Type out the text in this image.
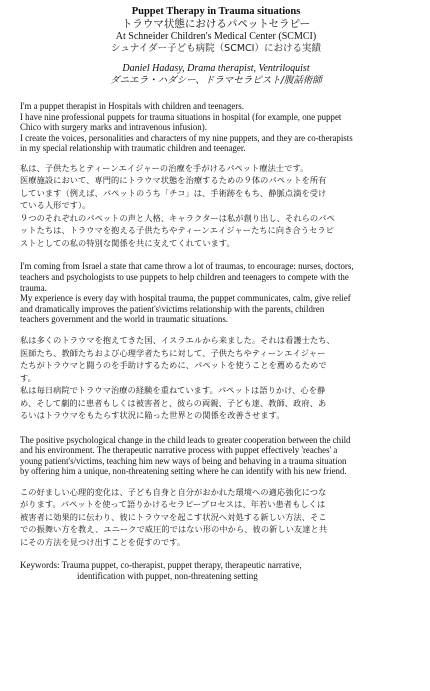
Puppet Therapy in Trauma situations
トラウマ状態におけるパペットセラピー
At Schneider Children's Medical Center (SCMCI)
シュナイダー子ども病院（SCMCI）における実績
Daniel Hadasy, Drama therapist, Ventriloquist
ダニエラ・ハダシー、ドラマセラピスト/腹話術師

I'm a puppet therapist in Hospitals with children and teenagers.

I have nine professional puppets for trauma situations in hospital (for example, one puppet

Chico with surgery marks and intravenous infusion).

I create the voices, personalities and characters of my nine puppets, and they are co-therapists

in my special relationship with traumatic children and teenager.

私は、子供たちとティーンエイジャーの治療を手がけるパペット療法士です。

医療施設において、専門的にトラウマ状態を治療するための９体のパペットを所有

しています（例えば、パペットのうち「チコ」は、手術跡をもち、静脈点滴を受け

ている人形です）。

９つのそれぞれのパペットの声と人格、キャラクターは私が創り出し、それらのパペ

ットたちは、トラウマを抱える子供たちやティーンエイジャーたちに向き合うセラピ

ストとしての私の特別な関係を共に支えてくれています。

I'm coming from Israel a state that came throw a lot of traumas, to encourage: nurses, doctors,

teachers and psychologists to use puppets to help children and teenagers to compete with the

trauma.

My experience is every day with hospital trauma, the puppet communicates, calm, give relief

and dramatically improves the patient's\victims relationship with the parents, children

teachers government and the world in traumatic situations.

私は多くのトラウマを抱えてきた国、イスラエルから来ました。それは看護士たち、

医師たち、教師たちおよび心理学者たちに対して、子供たちやティーンエイジャー

たちがトラウマと闘うのを手助けするために、パペットを使うことを薦めるためで

す。

私は毎日病院でトラウマ治療の経験を重ねています。パペットは語りかけ、心を静

め、そして劇的に患者もしくは被害者と、彼らの両親、子ども達、教師、政府、あ

るいはトラウマをもたらす状況に陥った世界との関係を改善させます。

The positive psychological change in the child leads to greater cooperation between the child

and his environment. The therapeutic narrative process with puppet effectively 'reaches' a

young patient's/victims, teaching him new ways of being and behaving in a trauma situation

by offering him a unique, non-threatening setting where he can identify with his new friend.

この好ましい心理的変化は、子ども自身と自分がおかれた環境への適応強化につな

がります。パペットを使って語りかけるセラピープロセスは、年若い患者もしくは

被害者に効果的に伝わり、彼にトラウマを起こす状況へ対処する新しい方法、そこ

での振舞い方を教え、ユニークで威圧的ではない形の中から、彼の新しい友達と共

にその方法を見つけ出すことを促すのです。

Keywords: Trauma puppet, co-therapist, puppet therapy, therapeutic narrative,
identification with puppet, non-threatening setting
